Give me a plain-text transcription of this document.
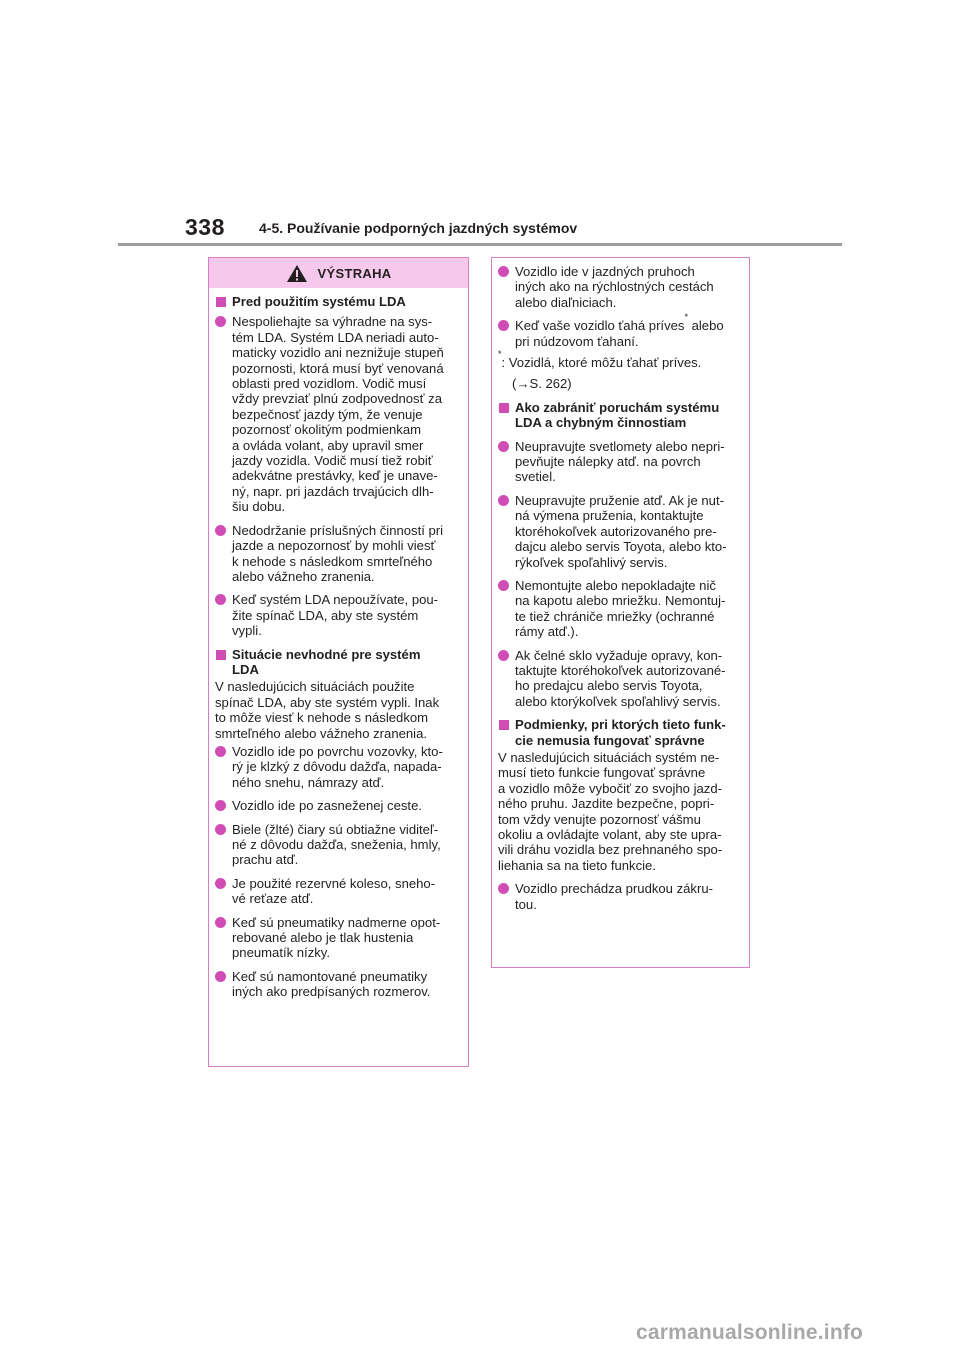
338 4-5. Používanie podporných jazdných systémov
VÝSTRAHA
Pred použitím systému LDA
Nespoliehajte sa výhradne na sys-
tém LDA. Systém LDA neriadi auto-
maticky vozidlo ani neznižuje stupeň
pozornosti, ktorá musí byť venovaná
oblasti pred vozidlom. Vodič musí
vždy prevziať plnú zodpovednosť za
bezpečnosť jazdy tým, že venuje
pozornosť okolitým podmienkam
a ovláda volant, aby upravil smer
jazdy vozidla. Vodič musí tiež robiť
adekvátne prestávky, keď je unave-
ný, napr. pri jazdách trvajúcich dlh-
šiu dobu.
Nedodržanie príslušných činností pri
jazde a nepozornosť by mohli viesť
k nehode s následkom smrteľného
alebo vážneho zranenia.
Keď systém LDA nepoužívate, pou-
žite spínač LDA, aby ste systém
vypli.
Situácie nevhodné pre systém
LDA
V nasledujúcich situáciách použite
spínač LDA, aby ste systém vypli. Inak
to môže viesť k nehode s následkom
smrteľného alebo vážneho zranenia.
Vozidlo ide po povrchu vozovky, kto-
rý je klzký z dôvodu dažďa, napada-
ného snehu, námrazy atď.
Vozidlo ide po zasneženej ceste.
Biele (žlté) čiary sú obtiažne viditeľ-
né z dôvodu dažďa, sneženia, hmly,
prachu atď.
Je použité rezervné koleso, sneho-
vé reťaze atď.
Keď sú pneumatiky nadmerne opot-
rebované alebo je tlak hustenia
pneumatík nízky.
Keď sú namontované pneumatiky
iných ako predpísaných rozmerov.
Vozidlo ide v jazdných pruhoch
iných ako na rýchlostných cestách
alebo diaľniciach.
Keď vaše vozidlo ťahá príves* alebo
pri núdzovom ťahaní.
*: Vozidlá, ktoré môžu ťahať príves.
(→S. 262)
Ako zabrániť poruchám systému
LDA a chybným činnostiam
Neupravujte svetlomety alebo nepri-
pevňujte nálepky atď. na povrch
svetiel.
Neupravujte pruženie atď. Ak je nut-
ná výmena pruženia, kontaktujte
ktoréhokoľvek autorizovaného pre-
dajcu alebo servis Toyota, alebo kto-
rýkoľvek spoľahlivý servis.
Nemontujte alebo nepokladajte nič
na kapotu alebo mriežku. Nemontuj-
te tiež chrániče mriežky (ochranné
rámy atď.).
Ak čelné sklo vyžaduje opravy, kon-
taktujte ktoréhokoľvek autorizované-
ho predajcu alebo servis Toyota,
alebo ktorýkoľvek spoľahlivý servis.
Podmienky, pri ktorých tieto funk-
cie nemusia fungovať správne
V nasledujúcich situáciách systém ne-
musí tieto funkcie fungovať správne
a vozidlo môže vybočiť zo svojho jazd-
ného pruhu. Jazdite bezpečne, popri-
tom vždy venujte pozornosť vášmu
okoliu a ovládajte volant, aby ste upra-
vili dráhu vozidla bez prehnaného spo-
liehania sa na tieto funkcie.
Vozidlo prechádza prudkou zákru-
tou.
carmanualsonline.info
